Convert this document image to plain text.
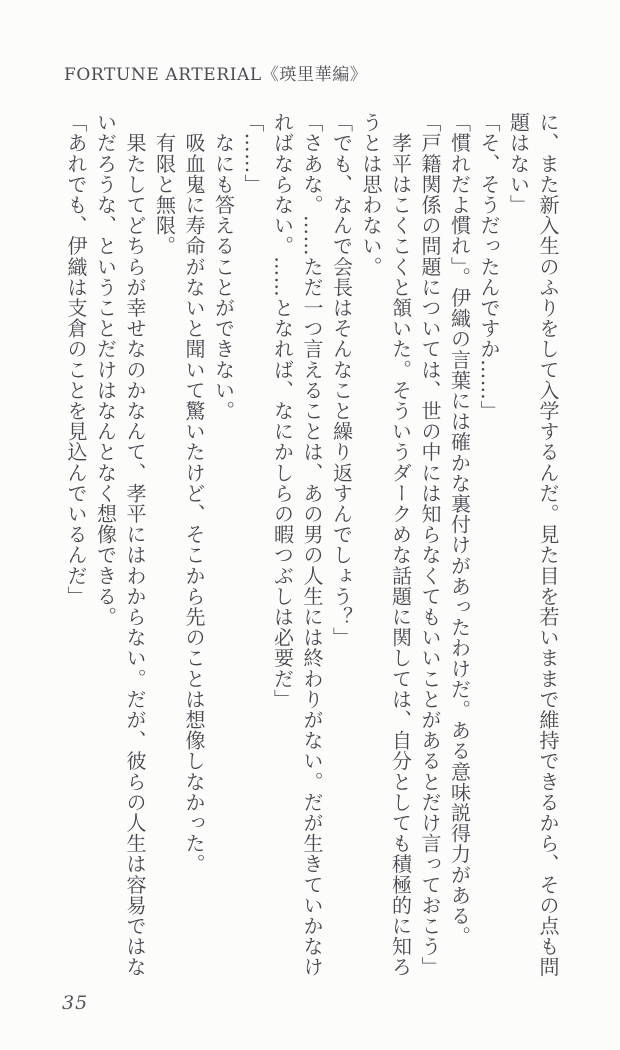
FORTUNE ARTERIAL《瑛里華編》
に、また新入生のふりをして入学するんだ。見た目を若いままで維持できるから、その点も問
題はない」
「そ、そうだったんですか……」
「慣れだよ慣れ」。伊織の言葉には確かな裏付けがあったわけだ。ある意味説得力がある。
「戸籍関係の問題については、世の中には知らなくてもいいことがあるとだけ言っておこう」
　孝平はこくこくと頷いた。そういうダークめな話題に関しては、自分としても積極的に知ろ
うとは思わない。
「でも、なんで会長はそんなこと繰り返すんでしょう？」
「さあな。……ただ一つ言えることは、あの男の人生には終わりがない。だが生きていかなけ
ればならない。……となれば、なにかしらの暇つぶしは必要だ」
「……」
　なにも答えることができない。
　吸血鬼に寿命がないと聞いて驚いたけど、そこから先のことは想像しなかった。
　有限と無限。
　果たしてどちらが幸せなのかなんて、孝平にはわからない。だが、彼らの人生は容易ではな
いだろうな、ということだけはなんとなく想像できる。
「あれでも、伊織は支倉のことを見込んでいるんだ」
35
